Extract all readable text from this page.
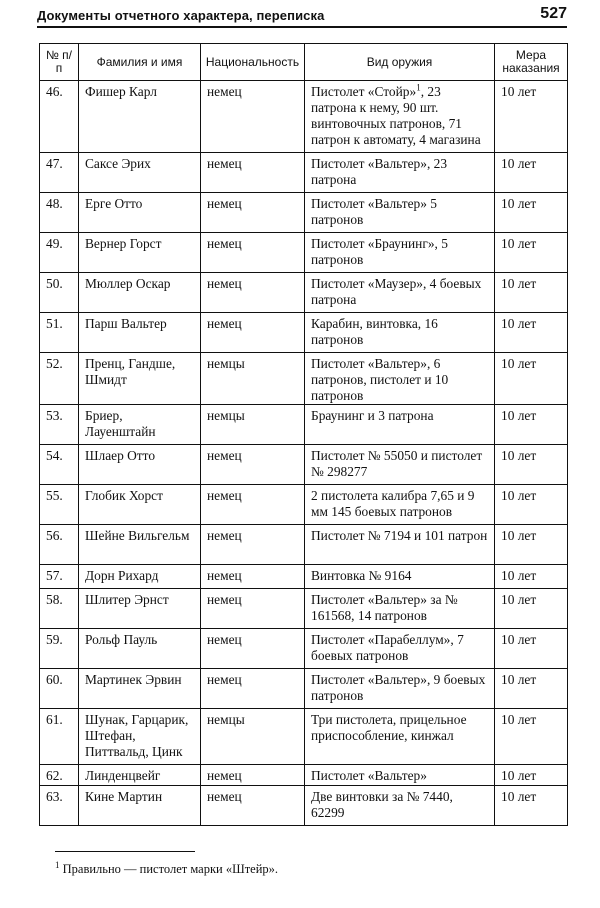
Документы отчетного характера, переписка	527
№ п/п	Фамилия и имя	Национальность	Вид оружия	Мера наказания
46.	Фишер Карл	немец	Пистолет «Стойр»$^1$, 23 патрона к нему, 90 шт. винтовочных патронов, 71 патрон к автомату, 4 магазина	10 лет
47.	Саксе Эрих	немец	Пистолет «Вальтер», 23 патрона	10 лет
48.	Ерге Отто	немец	Пистолет «Вальтер» 5 патронов	10 лет
49.	Вернер Горст	немец	Пистолет «Браунинг», 5 патронов	10 лет
50.	Мюллер Оскар	немец	Пистолет «Маузер», 4 боевых патрона	10 лет
51.	Парш Вальтер	немец	Карабин, винтовка, 16 патронов	10 лет
52.	Пренц, Гандше, Шмидт	немцы	Пистолет «Вальтер», 6 патронов, пистолет и 10 патронов	10 лет
53.	Бриер, Лауенштайн	немцы	Браунинг и 3 патрона	10 лет
54.	Шлаер Отто	немец	Пистолет № 55050 и пистолет № 298277	10 лет
55.	Глобик Хорст	немец	2 пистолета калибра 7,65 и 9 мм 145 боевых патронов	10 лет
56.	Шейне Вильгельм	немец	Пистолет № 7194 и 101 патрон	10 лет
57.	Дорн Рихард	немец	Винтовка № 9164	10 лет
58.	Шлитер Эрнст	немец	Пистолет «Вальтер» за № 161568, 14 патронов	10 лет
59.	Рольф Пауль	немец	Пистолет «Парабеллум», 7 боевых патронов	10 лет
60.	Мартинек Эрвин	немец	Пистолет «Вальтер», 9 боевых патронов	10 лет
61.	Шунак, Гарцарик, Штефан, Питтвальд, Цинк	немцы	Три пистолета, прицельное приспособление, кинжал	10 лет
62.	Линденцвейг	немец	Пистолет «Вальтер»	10 лет
63.	Кине Мартин	немец	Две винтовки за № 7440, 62299	10 лет
$^1$ Правильно — пистолет марки «Штейр».
